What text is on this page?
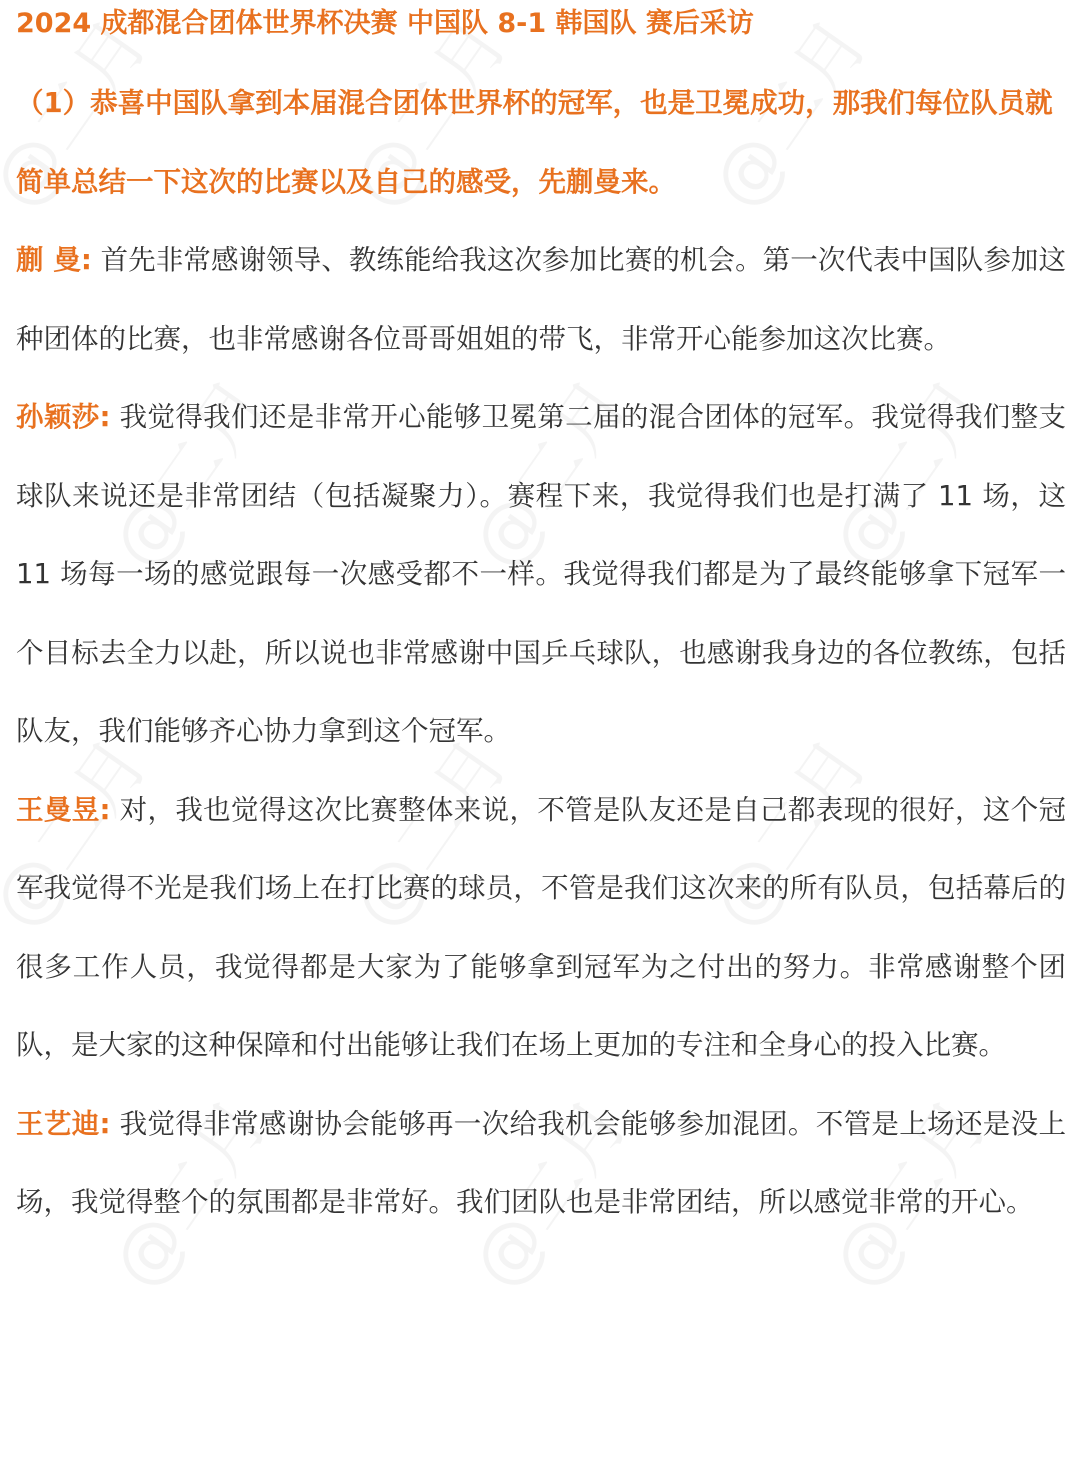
2024 成都混合团体世界杯决赛 中国队 8-1 韩国队 赛后采访

（1）恭喜中国队拿到本届混合团体世界杯的冠军，也是卫冕成功，那我们每位队员就简单总结一下这次的比赛以及自己的感受，先蒯曼来。

蒯 曼: 首先非常感谢领导、教练能给我这次参加比赛的机会。第一次代表中国队参加这种团体的比赛，也非常感谢各位哥哥姐姐的带飞，非常开心能参加这次比赛。

孙颖莎: 我觉得我们还是非常开心能够卫冕第二届的混合团体的冠军。我觉得我们整支球队来说还是非常团结（包括凝聚力）。赛程下来，我觉得我们也是打满了 11 场，这 11 场每一场的感觉跟每一次感受都不一样。我觉得我们都是为了最终能够拿下冠军一个目标去全力以赴，所以说也非常感谢中国乒乓球队，也感谢我身边的各位教练，包括队友，我们能够齐心协力拿到这个冠军。

王曼昱: 对，我也觉得这次比赛整体来说，不管是队友还是自己都表现的很好，这个冠军我觉得不光是我们场上在打比赛的球员，不管是我们这次来的所有队员，包括幕后的很多工作人员，我觉得都是大家为了能够拿到冠军为之付出的努力。非常感谢整个团队，是大家的这种保障和付出能够让我们在场上更加的专注和全身心的投入比赛。

王艺迪: 我觉得非常感谢协会能够再一次给我机会能够参加混团。不管是上场还是没上场，我觉得整个的氛围都是非常好。我们团队也是非常团结，所以感觉非常的开心。
